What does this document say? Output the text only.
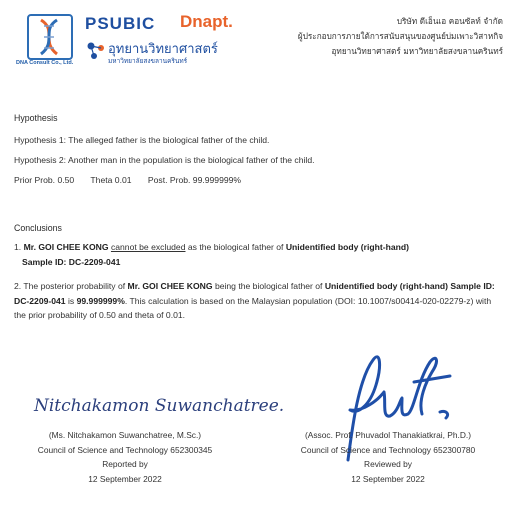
DNA Consult Co., Ltd.
PSUBIC Dnapt.
อุทยานวิทยาศาสตร์
มหาวิทยาลัยสงขลานครินทร์
บริษัท ดีเอ็นเอ คอนซัลท์ จำกัด
ผู้ประกอบการภายใต้การสนับสนุนของศูนย์บ่มเพาะวิสาหกิจ
อุทยานวิทยาศาสตร์ มหาวิทยาลัยสงขลานครินทร์
Hypothesis
Hypothesis 1: The alleged father is the biological father of the child.
Hypothesis 2: Another man in the population is the biological father of the child.
Prior Prob. 0.50 Theta 0.01 Post. Prob. 99.999999%
Conclusions
1. Mr. GOI CHEE KONG cannot be excluded as the biological father of Unidentified body (right-hand)
Sample ID: DC-2209-041
2. The posterior probability of Mr. GOI CHEE KONG being the biological father of Unidentified body (right-hand) Sample ID: DC-2209-041 is 99.999999%. This calculation is based on the Malaysian population (DOI: 10.1007/s00414-020-02279-z) with the prior probability of 0.50 and theta of 0.01.
Nitchakamon Suwanchatree.
(Ms. Nitchakamon Suwanchatree, M.Sc.)
Council of Science and Technology 652300345
Reported by
12 September 2022
(Assoc. Prof. Phuvadol Thanakiatkrai, Ph.D.)
Council of Science and Technology 652300780
Reviewed by
12 September 2022
